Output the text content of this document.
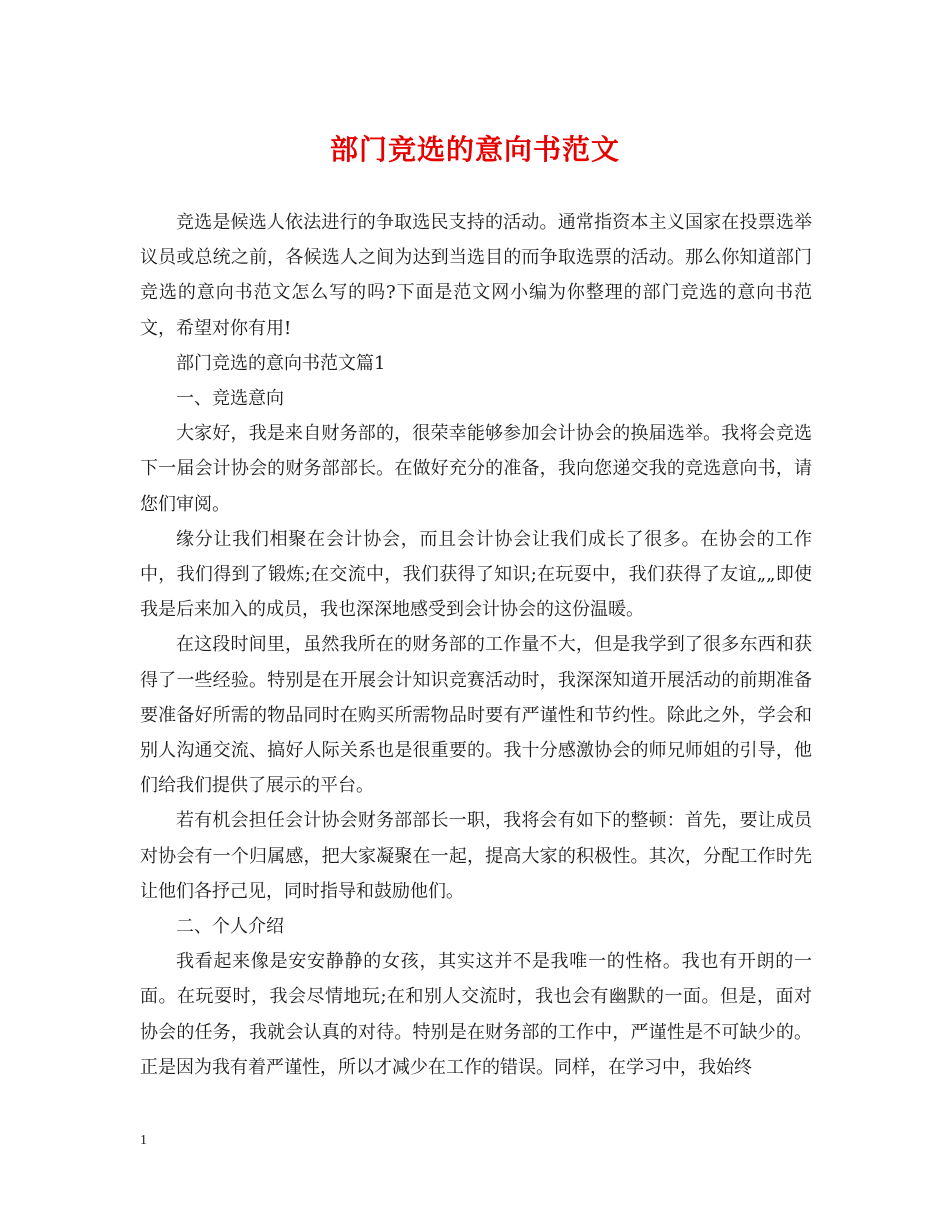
部门竞选的意向书范文

竞选是候选人依法进行的争取选民支持的活动。通常指资本主义国家在投票选举议员或总统之前，各候选人之间为达到当选目的而争取选票的活动。那么你知道部门竞选的意向书范文怎么写的吗?下面是范文网小编为你整理的部门竞选的意向书范文，希望对你有用!

部门竞选的意向书范文篇1

一、竞选意向

大家好，我是来自财务部的，很荣幸能够参加会计协会的换届选举。我将会竞选下一届会计协会的财务部部长。在做好充分的准备，我向您递交我的竞选意向书，请您们审阅。

缘分让我们相聚在会计协会，而且会计协会让我们成长了很多。在协会的工作中，我们得到了锻炼;在交流中，我们获得了知识;在玩耍中，我们获得了友谊„„即使我是后来加入的成员，我也深深地感受到会计协会的这份温暖。

在这段时间里，虽然我所在的财务部的工作量不大，但是我学到了很多东西和获得了一些经验。特别是在开展会计知识竞赛活动时，我深深知道开展活动的前期准备要准备好所需的物品同时在购买所需物品时要有严谨性和节约性。除此之外，学会和别人沟通交流、搞好人际关系也是很重要的。我十分感激协会的师兄师姐的引导，他们给我们提供了展示的平台。

若有机会担任会计协会财务部部长一职，我将会有如下的整顿：首先，要让成员对协会有一个归属感，把大家凝聚在一起，提高大家的积极性。其次，分配工作时先让他们各抒己见，同时指导和鼓励他们。

二、个人介绍

我看起来像是安安静静的女孩，其实这并不是我唯一的性格。我也有开朗的一面。在玩耍时，我会尽情地玩;在和别人交流时，我也会有幽默的一面。但是，面对协会的任务，我就会认真的对待。特别是在财务部的工作中，严谨性是不可缺少的。正是因为我有着严谨性，所以才减少在工作的错误。同样，在学习中，我始终

1
